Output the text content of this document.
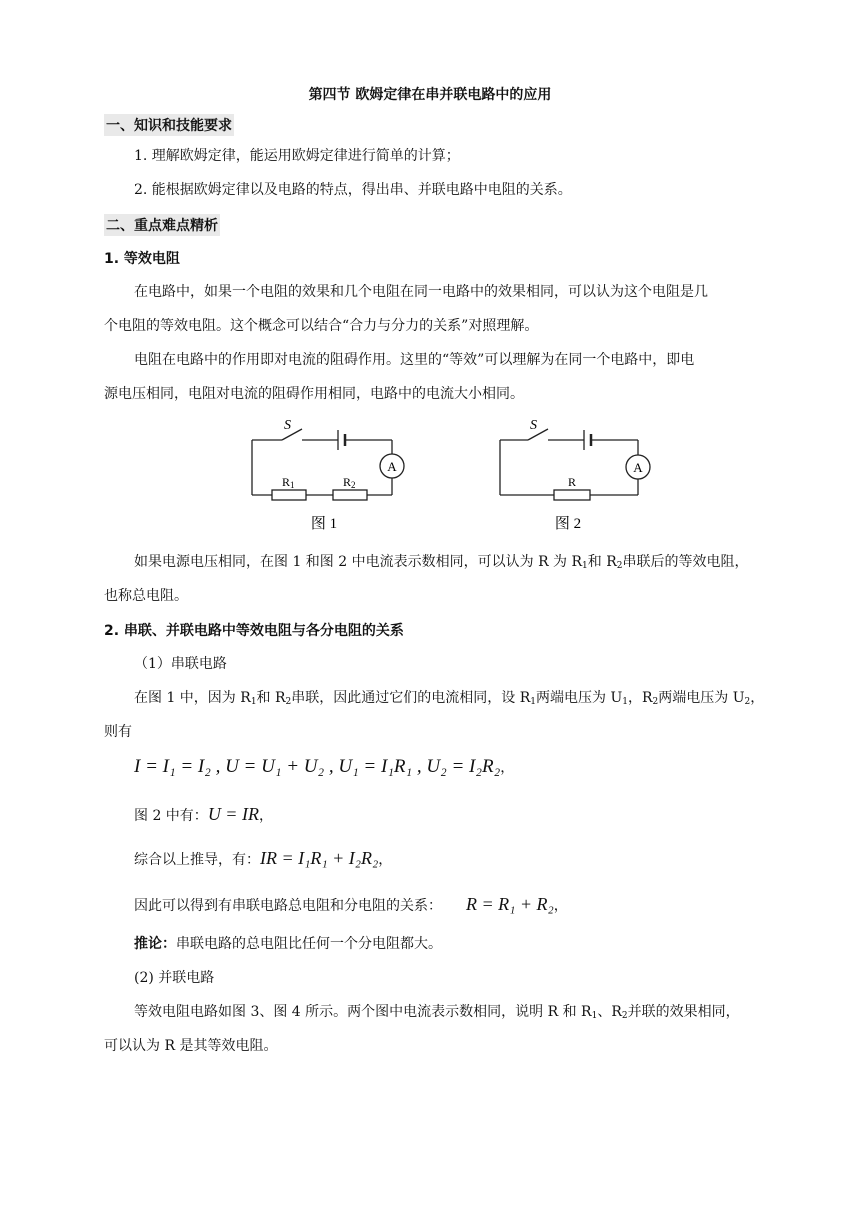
第四节 欧姆定律在串并联电路中的应用
一、知识和技能要求
1. 理解欧姆定律，能运用欧姆定律进行简单的计算；
2. 能根据欧姆定律以及电路的特点，得出串、并联电路中电阻的关系。
二、重点难点精析
1. 等效电阻
在电路中，如果一个电阻的效果和几个电阻在同一电路中的效果相同，可以认为这个电阻是几
个电阻的等效电阻。这个概念可以结合“合力与分力的关系”对照理解。
电阻在电路中的作用即对电流的阻碍作用。这里的“等效”可以理解为在同一个电路中，即电
源电压相同，电阻对电流的阻碍作用相同，电路中的电流大小相同。
S
A
R 1	R 2
图 1
S
A
R
图 2
如果电源电压相同，在图 1 和图 2 中电流表示数相同，可以认为 R 为 R1和 R2串联后的等效电阻，
也称总电阻。
2. 串联、并联电路中等效电阻与各分电阻的关系
（1）串联电路
在图 1 中，因为 R1和 R2串联，因此通过它们的电流相同，设 R1两端电压为 U1，R2两端电压为 U2，
则有
I = I₁ = I₂ , U = U₁ + U₂ , U₁ = I₁R₁ , U₂ = I₂R₂，
图 2 中有：U = IR，
综合以上推导，有：IR = I₁R₁ + I₂R₂，
因此可以得到有串联电路总电阻和分电阻的关系： R = R₁ + R₂，
推论：串联电路的总电阻比任何一个分电阻都大。
(2) 并联电路
等效电阻电路如图 3、图 4 所示。两个图中电流表示数相同，说明 R 和 R1、R2并联的效果相同，
可以认为 R 是其等效电阻。
